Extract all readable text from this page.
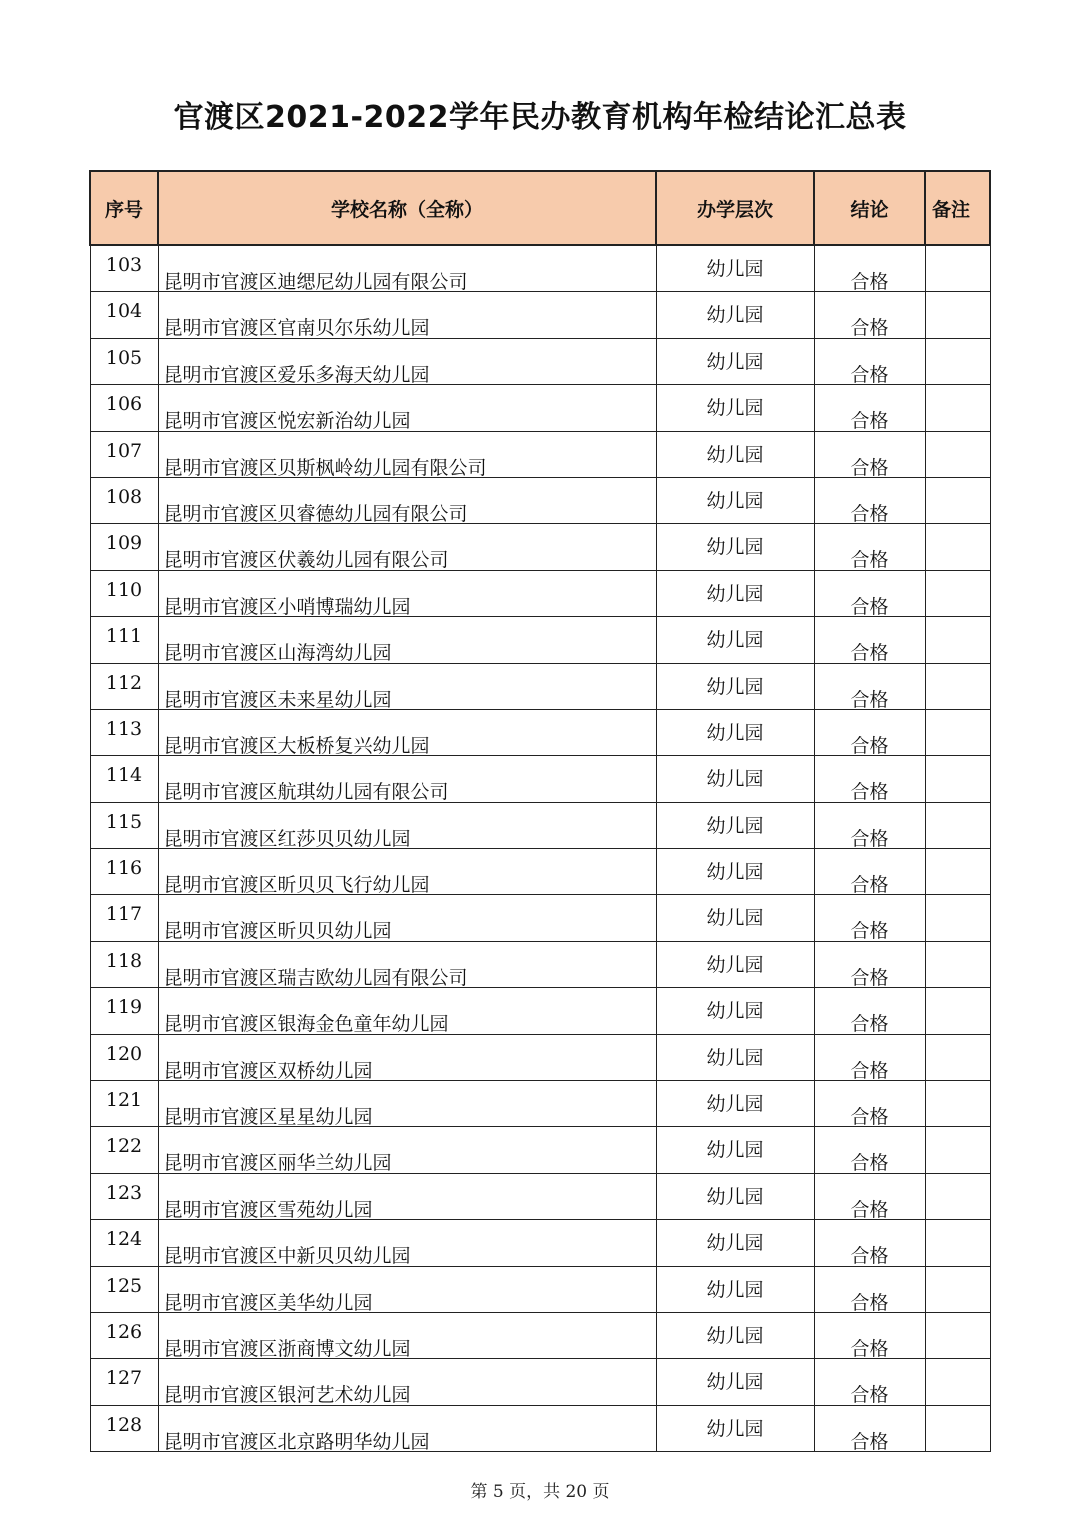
官渡区2021-2022学年民办教育机构年检结论汇总表
序号	学校名称（全称）	办学层次	结论	备注

103	昆明市官渡区迪缌尼幼儿园有限公司	幼儿园	合格	

104	昆明市官渡区官南贝尔乐幼儿园	幼儿园	合格	

105	昆明市官渡区爱乐多海天幼儿园	幼儿园	合格	

106	昆明市官渡区悦宏新治幼儿园	幼儿园	合格	

107	昆明市官渡区贝斯枫岭幼儿园有限公司	幼儿园	合格	

108	昆明市官渡区贝睿德幼儿园有限公司	幼儿园	合格	

109	昆明市官渡区伏羲幼儿园有限公司	幼儿园	合格	

110	昆明市官渡区小哨博瑞幼儿园	幼儿园	合格	

111	昆明市官渡区山海湾幼儿园	幼儿园	合格	

112	昆明市官渡区未来星幼儿园	幼儿园	合格	

113	昆明市官渡区大板桥复兴幼儿园	幼儿园	合格	

114	昆明市官渡区航琪幼儿园有限公司	幼儿园	合格	

115	昆明市官渡区红莎贝贝幼儿园	幼儿园	合格	

116	昆明市官渡区昕贝贝飞行幼儿园	幼儿园	合格	

117	昆明市官渡区昕贝贝幼儿园	幼儿园	合格	

118	昆明市官渡区瑞吉欧幼儿园有限公司	幼儿园	合格	

119	昆明市官渡区银海金色童年幼儿园	幼儿园	合格	

120	昆明市官渡区双桥幼儿园	幼儿园	合格	

121	昆明市官渡区星星幼儿园	幼儿园	合格	

122	昆明市官渡区丽华兰幼儿园	幼儿园	合格	

123	昆明市官渡区雪苑幼儿园	幼儿园	合格	

124	昆明市官渡区中新贝贝幼儿园	幼儿园	合格	

125	昆明市官渡区美华幼儿园	幼儿园	合格	

126	昆明市官渡区浙商博文幼儿园	幼儿园	合格	

127	昆明市官渡区银河艺术幼儿园	幼儿园	合格	

128	昆明市官渡区北京路明华幼儿园	幼儿园	合格	

第 5 页，共 20 页
